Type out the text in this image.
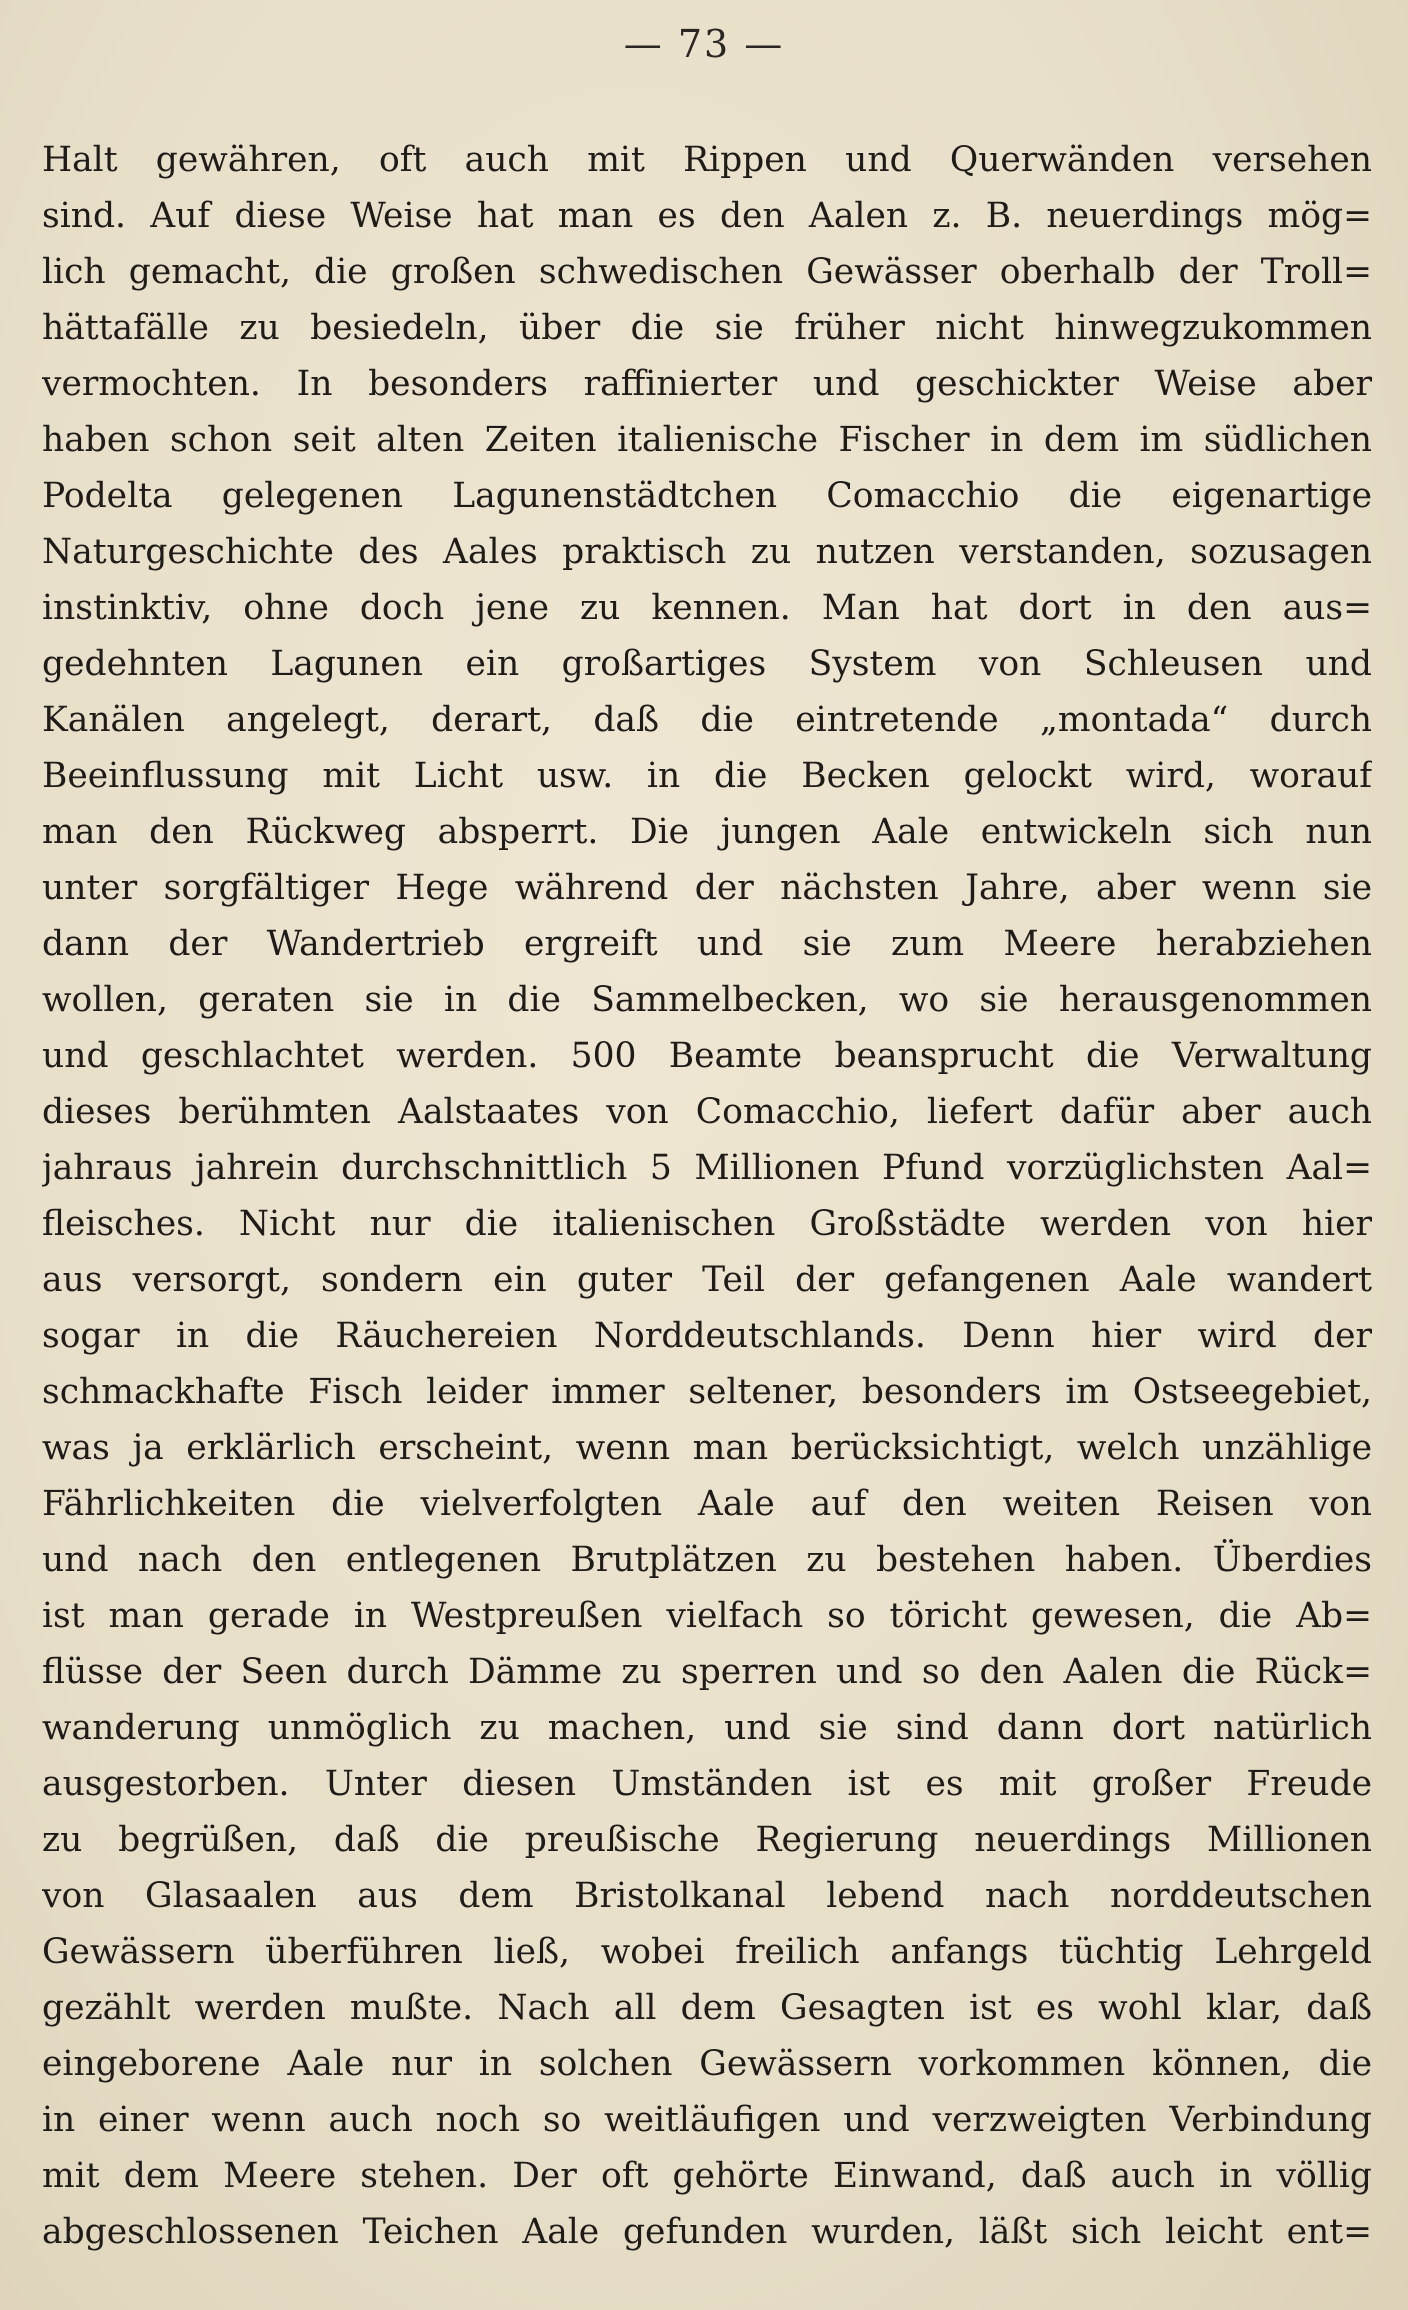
— 73 —
Halt gewähren, oft auch mit Rippen und Querwänden versehen
sind. Auf diese Weise hat man es den Aalen z. B. neuerdings mög=
lich gemacht, die großen schwedischen Gewässer oberhalb der Troll=
hättafälle zu besiedeln, über die sie früher nicht hinwegzukommen
vermochten. In besonders raffinierter und geschickter Weise aber
haben schon seit alten Zeiten italienische Fischer in dem im südlichen
Podelta gelegenen Lagunenstädtchen Comacchio die eigenartige
Naturgeschichte des Aales praktisch zu nutzen verstanden, sozusagen
instinktiv, ohne doch jene zu kennen. Man hat dort in den aus=
gedehnten Lagunen ein großartiges System von Schleusen und
Kanälen angelegt, derart, daß die eintretende „montada“ durch
Beeinflussung mit Licht usw. in die Becken gelockt wird, worauf
man den Rückweg absperrt. Die jungen Aale entwickeln sich nun
unter sorgfältiger Hege während der nächsten Jahre, aber wenn sie
dann der Wandertrieb ergreift und sie zum Meere herabziehen
wollen, geraten sie in die Sammelbecken, wo sie herausgenommen
und geschlachtet werden. 500 Beamte beansprucht die Verwaltung
dieses berühmten Aalstaates von Comacchio, liefert dafür aber auch
jahraus jahrein durchschnittlich 5 Millionen Pfund vorzüglichsten Aal=
fleisches. Nicht nur die italienischen Großstädte werden von hier
aus versorgt, sondern ein guter Teil der gefangenen Aale wandert
sogar in die Räuchereien Norddeutschlands. Denn hier wird der
schmackhafte Fisch leider immer seltener, besonders im Ostseegebiet,
was ja erklärlich erscheint, wenn man berücksichtigt, welch unzählige
Fährlichkeiten die vielverfolgten Aale auf den weiten Reisen von
und nach den entlegenen Brutplätzen zu bestehen haben. Überdies
ist man gerade in Westpreußen vielfach so töricht gewesen, die Ab=
flüsse der Seen durch Dämme zu sperren und so den Aalen die Rück=
wanderung unmöglich zu machen, und sie sind dann dort natürlich
ausgestorben. Unter diesen Umständen ist es mit großer Freude
zu begrüßen, daß die preußische Regierung neuerdings Millionen
von Glasaalen aus dem Bristolkanal lebend nach norddeutschen
Gewässern überführen ließ, wobei freilich anfangs tüchtig Lehrgeld
gezählt werden mußte. Nach all dem Gesagten ist es wohl klar, daß
eingeborene Aale nur in solchen Gewässern vorkommen können, die
in einer wenn auch noch so weitläufigen und verzweigten Verbindung
mit dem Meere stehen. Der oft gehörte Einwand, daß auch in völlig
abgeschlossenen Teichen Aale gefunden wurden, läßt sich leicht ent=
